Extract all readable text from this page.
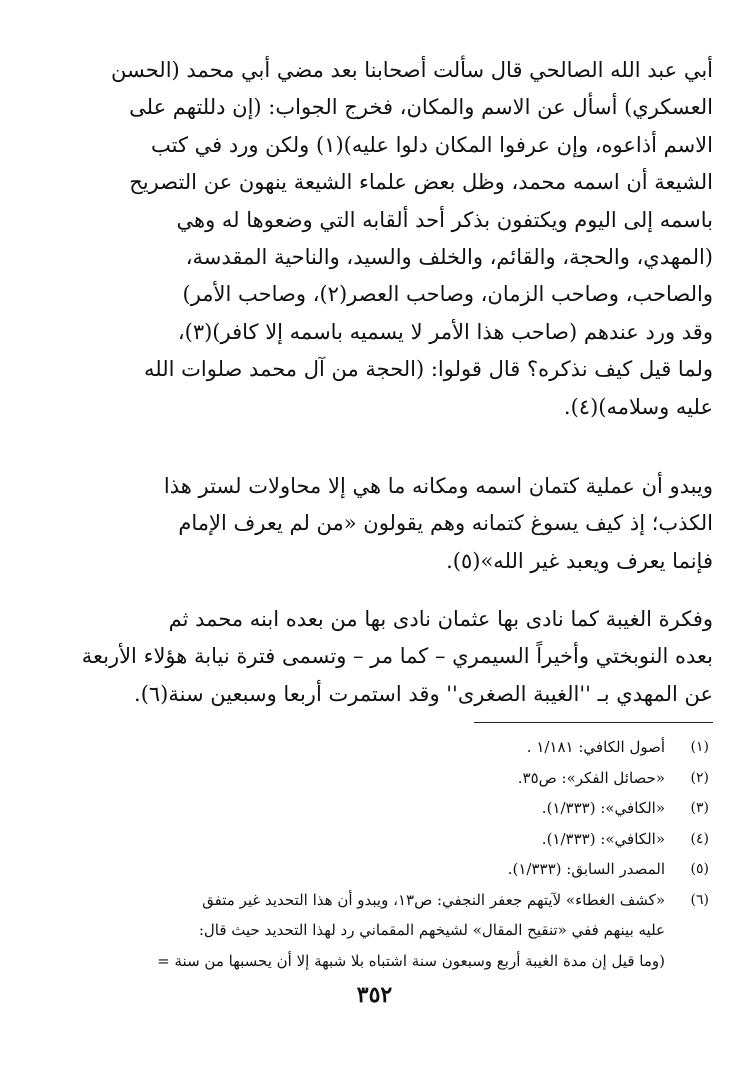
أبي عبد الله الصالحي قال سألت أصحابنا بعد مضي أبي محمد (الحسن
العسكري) أسأل عن الاسم والمكان، فخرج الجواب: (إن دللتهم على
الاسم أذاعوه، وإن عرفوا المكان دلوا عليه)(١) ولكن ورد في كتب
الشيعة أن اسمه محمد، وظل بعض علماء الشيعة ينهون عن التصريح
باسمه إلى اليوم ويكتفون بذكر أحد ألقابه التي وضعوها له وهي
(المهدي، والحجة، والقائم، والخلف والسيد، والناحية المقدسة،
والصاحب، وصاحب الزمان، وصاحب العصر(٢)، وصاحب الأمر)
وقد ورد عندهم (صاحب هذا الأمر لا يسميه باسمه إلا كافر)(٣)،
ولما قيل كيف نذكره؟ قال قولوا: (الحجة من آل محمد صلوات الله
عليه وسلامه)(٤).
ويبدو أن عملية كتمان اسمه ومكانه ما هي إلا محاولات لستر هذا
الكذب؛ إذ كيف يسوغ كتمانه وهم يقولون «من لم يعرف الإمام
فإنما يعرف ويعبد غير الله»(٥).
وفكرة الغيبة كما نادى بها عثمان نادى بها من بعده ابنه محمد ثم
بعده النوبختي وأخيراً السيمري – كما مر – وتسمى فترة نيابة هؤلاء الأربعة
عن المهدي بـ ''الغيبة الصغرى'' وقد استمرت أربعا وسبعين سنة(٦).
(١)
أصول الكافي: ١/١٨١ .
(٢)
«حصائل الفكر»: ص٣٥.
(٣)
«الكافي»: (١/٣٣٣).
(٤)
«الكافي»: (١/٣٣٣).
(٥)
المصدر السابق: (١/٣٣٣).
(٦)
«كشف الغطاء» لآيتهم جعفر النجفي: ص١٣، ويبدو أن هذا التحديد غير متفق
عليه بينهم ففي «تنقيح المقال» لشيخهم المقماني رد لهذا التحديد حيث قال:
(وما قيل إن مدة الغيبة أربع وسبعون سنة اشتباه بلا شبهة إلا أن يحسبها من سنة =
٣٥٢
